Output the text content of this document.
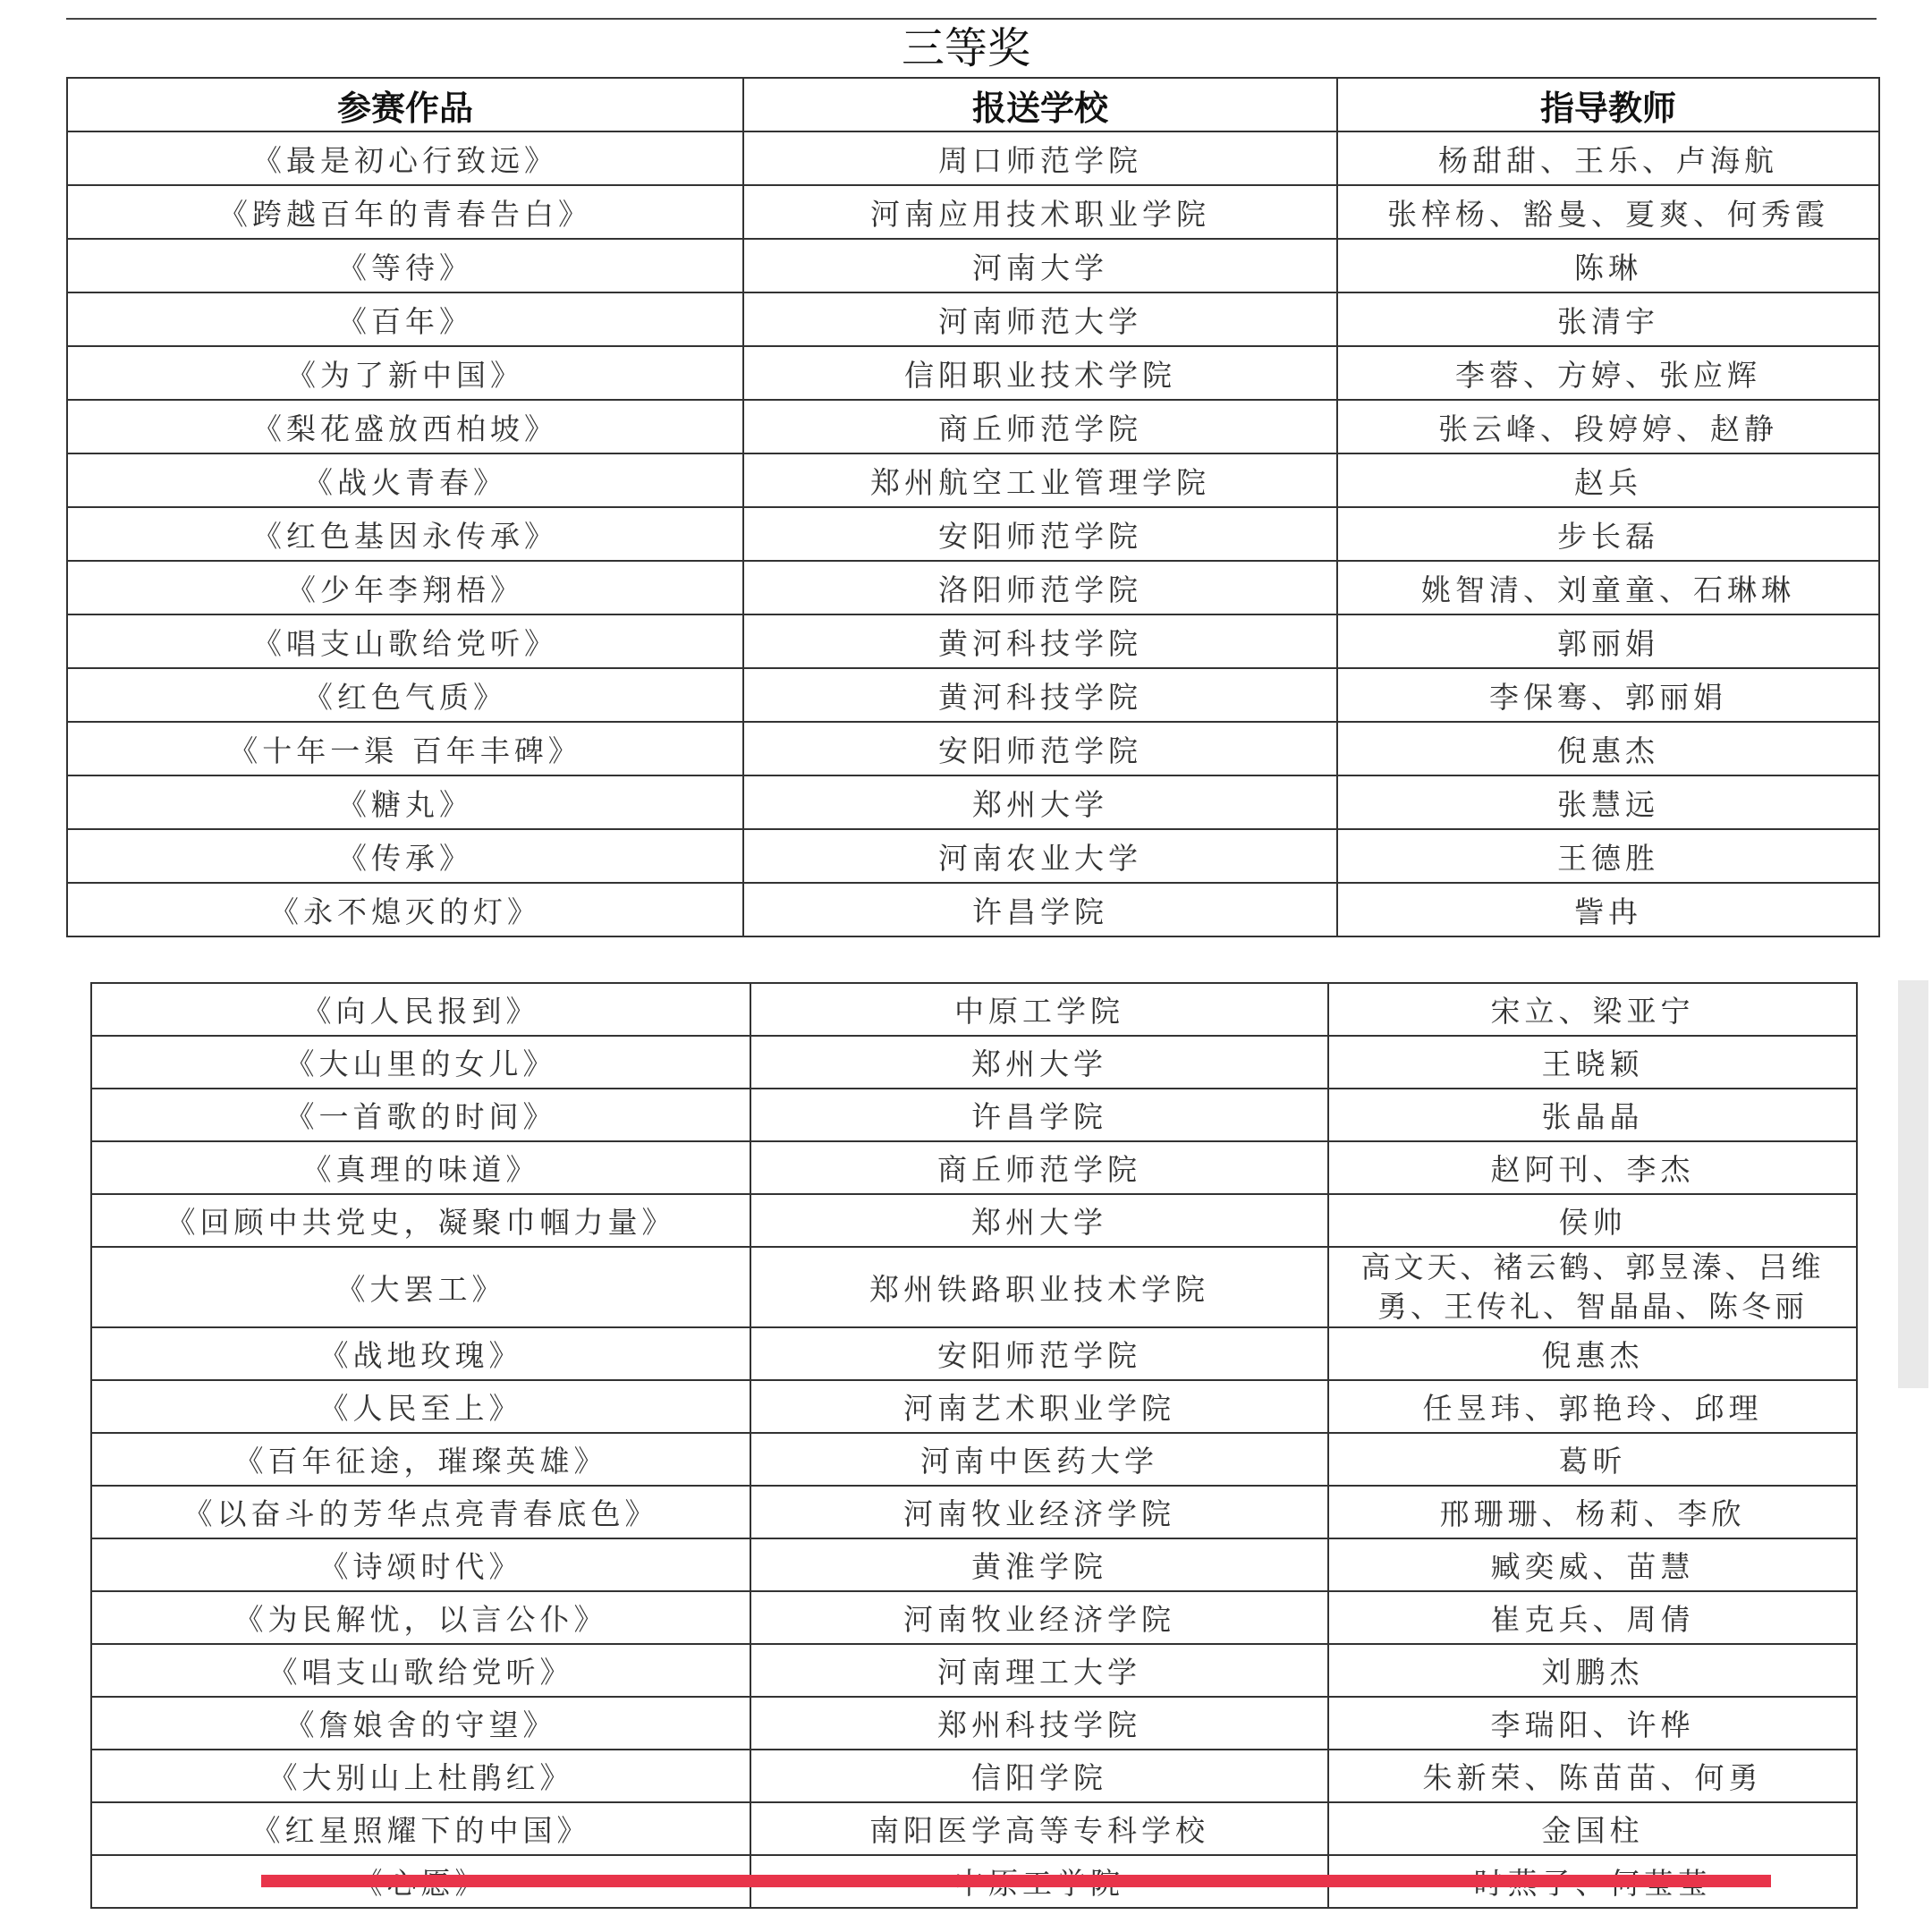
三等奖
参赛作品	报送学校	指导教师
《最是初心行致远》	周口师范学院	杨甜甜、王乐、卢海航
《跨越百年的青春告白》	河南应用技术职业学院	张梓杨、豁曼、夏爽、何秀霞
《等待》	河南大学	陈琳
《百年》	河南师范大学	张清宇
《为了新中国》	信阳职业技术学院	李蓉、方婷、张应辉
《梨花盛放西柏坡》	商丘师范学院	张云峰、段婷婷、赵静
《战火青春》	郑州航空工业管理学院	赵兵
《红色基因永传承》	安阳师范学院	步长磊
《少年李翔梧》	洛阳师范学院	姚智清、刘童童、石琳琳
《唱支山歌给党听》	黄河科技学院	郭丽娟
《红色气质》	黄河科技学院	李保骞、郭丽娟
《十年一渠 百年丰碑》	安阳师范学院	倪惠杰
《糖丸》	郑州大学	张慧远
《传承》	河南农业大学	王德胜
《永不熄灭的灯》	许昌学院	訾冉
《向人民报到》	中原工学院	宋立、梁亚宁
《大山里的女儿》	郑州大学	王晓颖
《一首歌的时间》	许昌学院	张晶晶
《真理的味道》	商丘师范学院	赵阿刊、李杰
《回顾中共党史，凝聚巾帼力量》	郑州大学	侯帅
《大罢工》	郑州铁路职业技术学院	高文天、褚云鹤、郭昱溱、吕维勇、王传礼、智晶晶、陈冬丽
《战地玫瑰》	安阳师范学院	倪惠杰
《人民至上》	河南艺术职业学院	任昱玮、郭艳玲、邱理
《百年征途，璀璨英雄》	河南中医药大学	葛昕
《以奋斗的芳华点亮青春底色》	河南牧业经济学院	邢珊珊、杨莉、李欣
《诗颂时代》	黄淮学院	臧奕威、苗慧
《为民解忧，以言公仆》	河南牧业经济学院	崔克兵、周倩
《唱支山歌给党听》	河南理工大学	刘鹏杰
《詹娘舍的守望》	郑州科技学院	李瑞阳、许桦
《大别山上杜鹃红》	信阳学院	朱新荣、陈苗苗、何勇
《红星照耀下的中国》	南阳医学高等专科学校	金国柱
